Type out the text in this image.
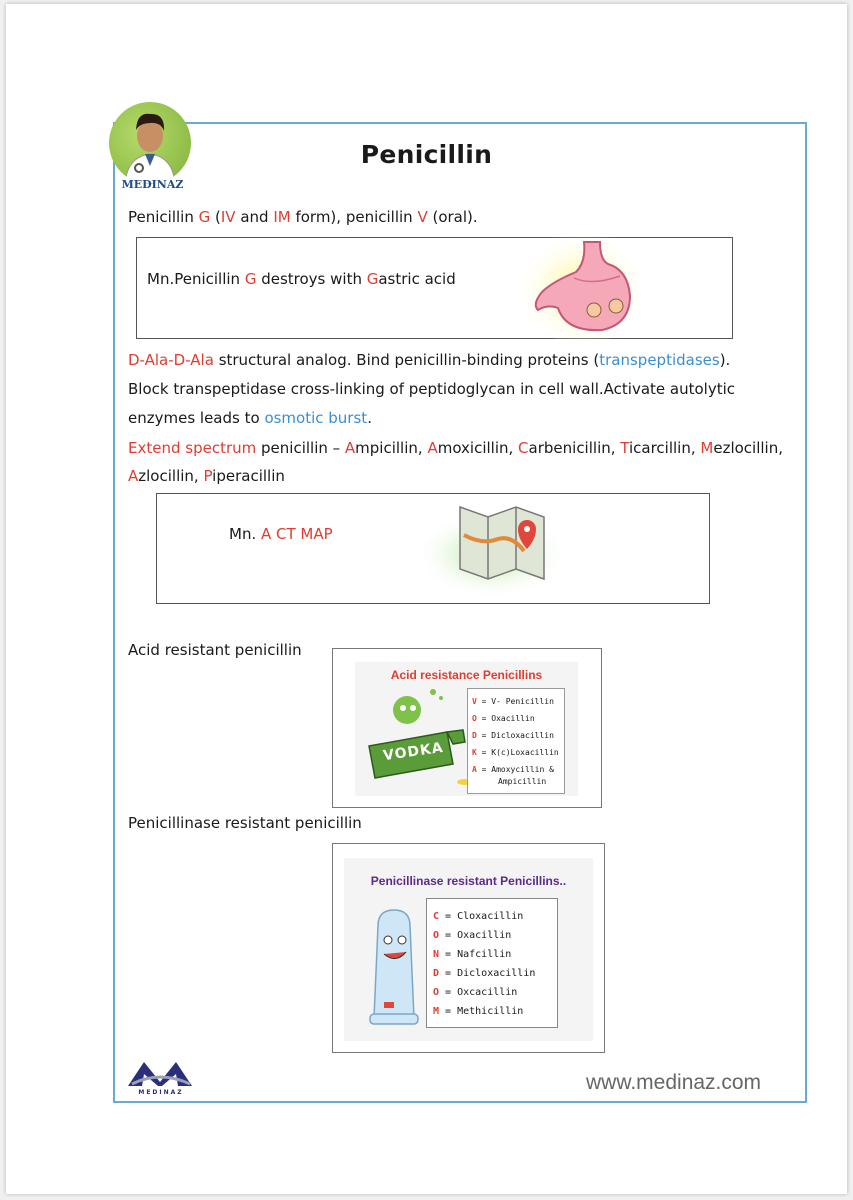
MEDINAZ
Penicillin
Penicillin G (IV and IM form), penicillin V (oral).
Mn.Penicillin G destroys with Gastric acid
D-Ala-D-Ala structural analog. Bind penicillin-binding proteins (transpeptidases).
Block transpeptidase cross-linking of peptidoglycan in cell wall.Activate autolytic
enzymes leads to osmotic burst.
Extend spectrum penicillin – Ampicillin, Amoxicillin, Carbenicillin, Ticarcillin, Mezlocillin,
Azlocillin, Piperacillin
Mn. A CT MAP
Acid resistant penicillin
Acid resistance Penicillins
VODKA
V = V- Penicillin
O = Oxacillin
D = Dicloxacillin
K = K(c)Loxacillin
A = Amoxycillin &
Ampicillin
Penicillinase resistant penicillin
Penicillinase resistant Penicillins..
C = Cloxacillin
O = Oxacillin
N = Nafcillin
D = Dicloxacillin
O = Oxcacillin
M = Methicillin
MEDINAZ	www.medinaz.com
